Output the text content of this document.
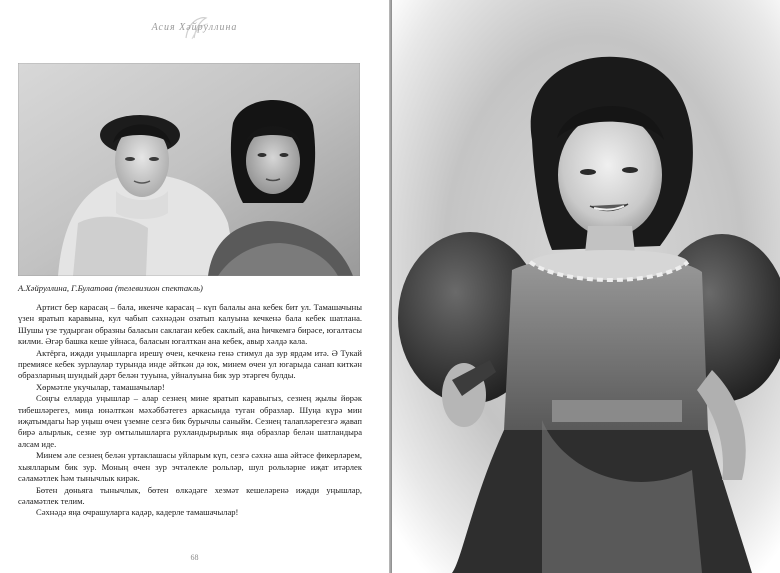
Асия Хәйруллина
А.Хәйруллина, Г.Булатова (телевизион спектакль)

Артист бер карасаң – бала, икенче карасаң – күп балалы ана кебек бит ул. Тамашачыны үзен яратып каравына, кул чабып сәхнәдән озатып калуына кечкенә бала кебек шатлана. Шушы үзе тудырган образны баласын саклаган кебек саклый, ана һичкемгә бирәсе, югалтасы килми. Әгәр башка кеше уйнаса, баласын югалткан ана кебек, авыр хәлдә кала.

Актёрга, иҗади уңышларга ирешү өчен, кечкенә генә стимул да зур ярдәм итә. Ә Тукай премиясе кебек зурлаулар турында инде әйткән дә юк, минем өчен ул югарыда санап киткән образларның шундый дәрт белән тууына, уйналуына бик зур этәргеч булды.

Хөрмәтле укучылар, тамашачылар!

Соңгы елларда уңышлар – алар сезнең мине яратып каравыгыз, сезнең җылы йөрәк тибешләрегез, миңа юнәлткән мәхәббәтегез аркасында туган образлар. Шуңа күрә мин иҗатымдагы һәр уңыш өчен үземне сезгә бик бурычлы саныйм. Сезнең талапләрегезгә җавап бирә алырлык, сезне зур омтылышларга рухландырырлык яңа образлар белән шатландыра алсам иде.

Минем әле сезнең белән уртаклашасы уйларым күп, сезгә сәхнә аша әйтәсе фикерләрем, хыялларым бик зур. Моның өчен зур эчтәлекле рольләр, шул рольләрне иҗат итәрлек сәламәтлек һәм тынычлык кирәк.

Бөтен дөньяга тынычлык, бөтен өлкәдәге хезмәт кешеләренә иҗади уңышлар, сәламәтлек телим.

Сәхнәдә яңа очрашуларга кадәр, кадерле тамашачылар!

68
